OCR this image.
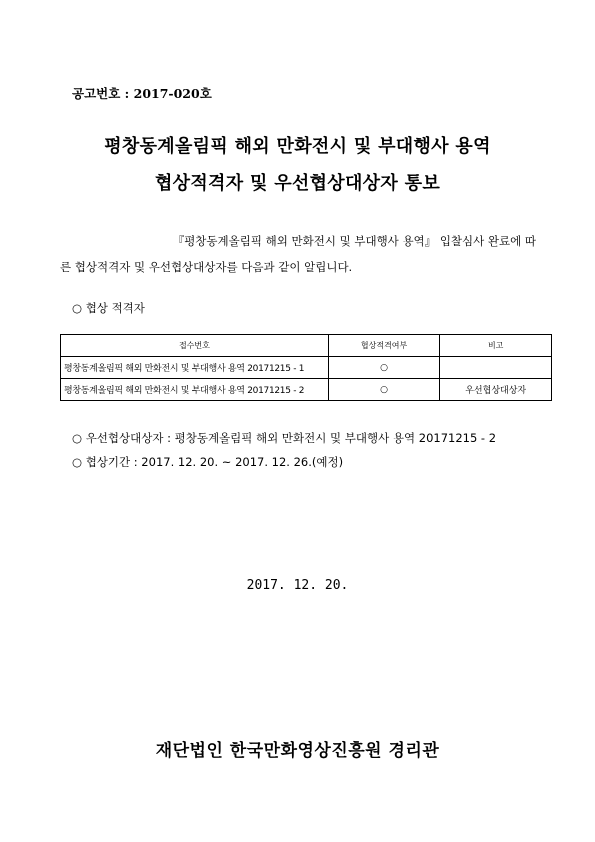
공고번호 : 2017-020호
평창동계올림픽 해외 만화전시 및 부대행사 용역
협상적격자 및 우선협상대상자 통보
『평창동계올림픽 해외 만화전시 및 부대행사 용역』 입찰심사 완료에 따
른 협상적격자 및 우선협상대상자를 다음과 같이 알립니다.
○ 협상 적격자
접수번호	협상적격여부	비고
평창동계올림픽 해외 만화전시 및 부대행사 용역 20171215 - 1	○	
평창동계올림픽 해외 만화전시 및 부대행사 용역 20171215 - 2	○	우선협상대상자
○ 우선협상대상자 : 평창동계올림픽 해외 만화전시 및 부대행사 용역 20171215 - 2
○ 협상기간 : 2017. 12. 20. ~ 2017. 12. 26.(예정)
2017. 12. 20.
재단법인 한국만화영상진흥원 경리관
